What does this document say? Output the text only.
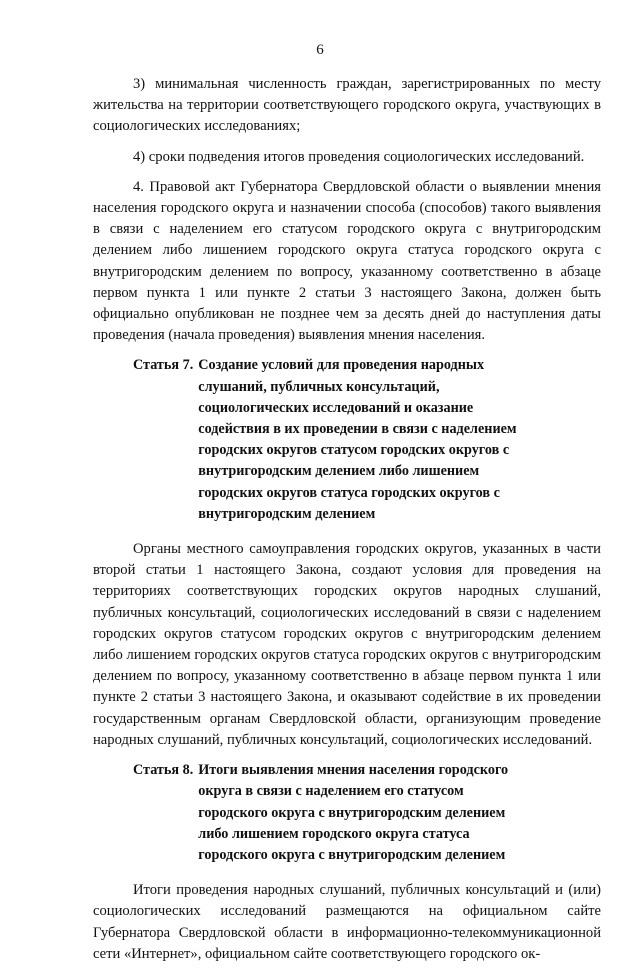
6

3) минимальная численность граждан, зарегистрированных по месту жительства на территории соответствующего городского округа, участвующих в социологических исследованиях;

4) сроки подведения итогов проведения социологических исследований.

4. Правовой акт Губернатора Свердловской области о выявлении мнения населения городского округа и назначении способа (способов) такого выявления в связи с наделением его статусом городского округа с внутригородским делением либо лишением городского округа статуса городского округа с внутригородским делением по вопросу, указанному соответственно в абзаце первом пункта 1 или пункте 2 статьи 3 настоящего Закона, должен быть официально опубликован не позднее чем за десять дней до наступления даты проведения (начала проведения) выявления мнения населения.

Статья 7. Создание условий для проведения народных слушаний, публичных консультаций, социологических исследований и оказание содействия в их проведении в связи с наделением городских округов статусом городских округов с внутригородским делением либо лишением городских округов статуса городских округов с внутригородским делением

Органы местного самоуправления городских округов, указанных в части второй статьи 1 настоящего Закона, создают условия для проведения на территориях соответствующих городских округов народных слушаний, публичных консультаций, социологических исследований в связи с наделением городских округов статусом городских округов с внутригородским делением либо лишением городских округов статуса городских округов с внутригородским делением по вопросу, указанному соответственно в абзаце первом пункта 1 или пункте 2 статьи 3 настоящего Закона, и оказывают содействие в их проведении государственным органам Свердловской области, организующим проведение народных слушаний, публичных консультаций, социологических исследований.

Статья 8. Итоги выявления мнения населения городского округа в связи с наделением его статусом городского округа с внутригородским делением либо лишением городского округа статуса городского округа с внутригородским делением

Итоги проведения народных слушаний, публичных консультаций и (или) социологических исследований размещаются на официальном сайте Губернатора Свердловской области в информационно-телекоммуникационной сети «Интернет», официальном сайте соответствующего городского ок-
